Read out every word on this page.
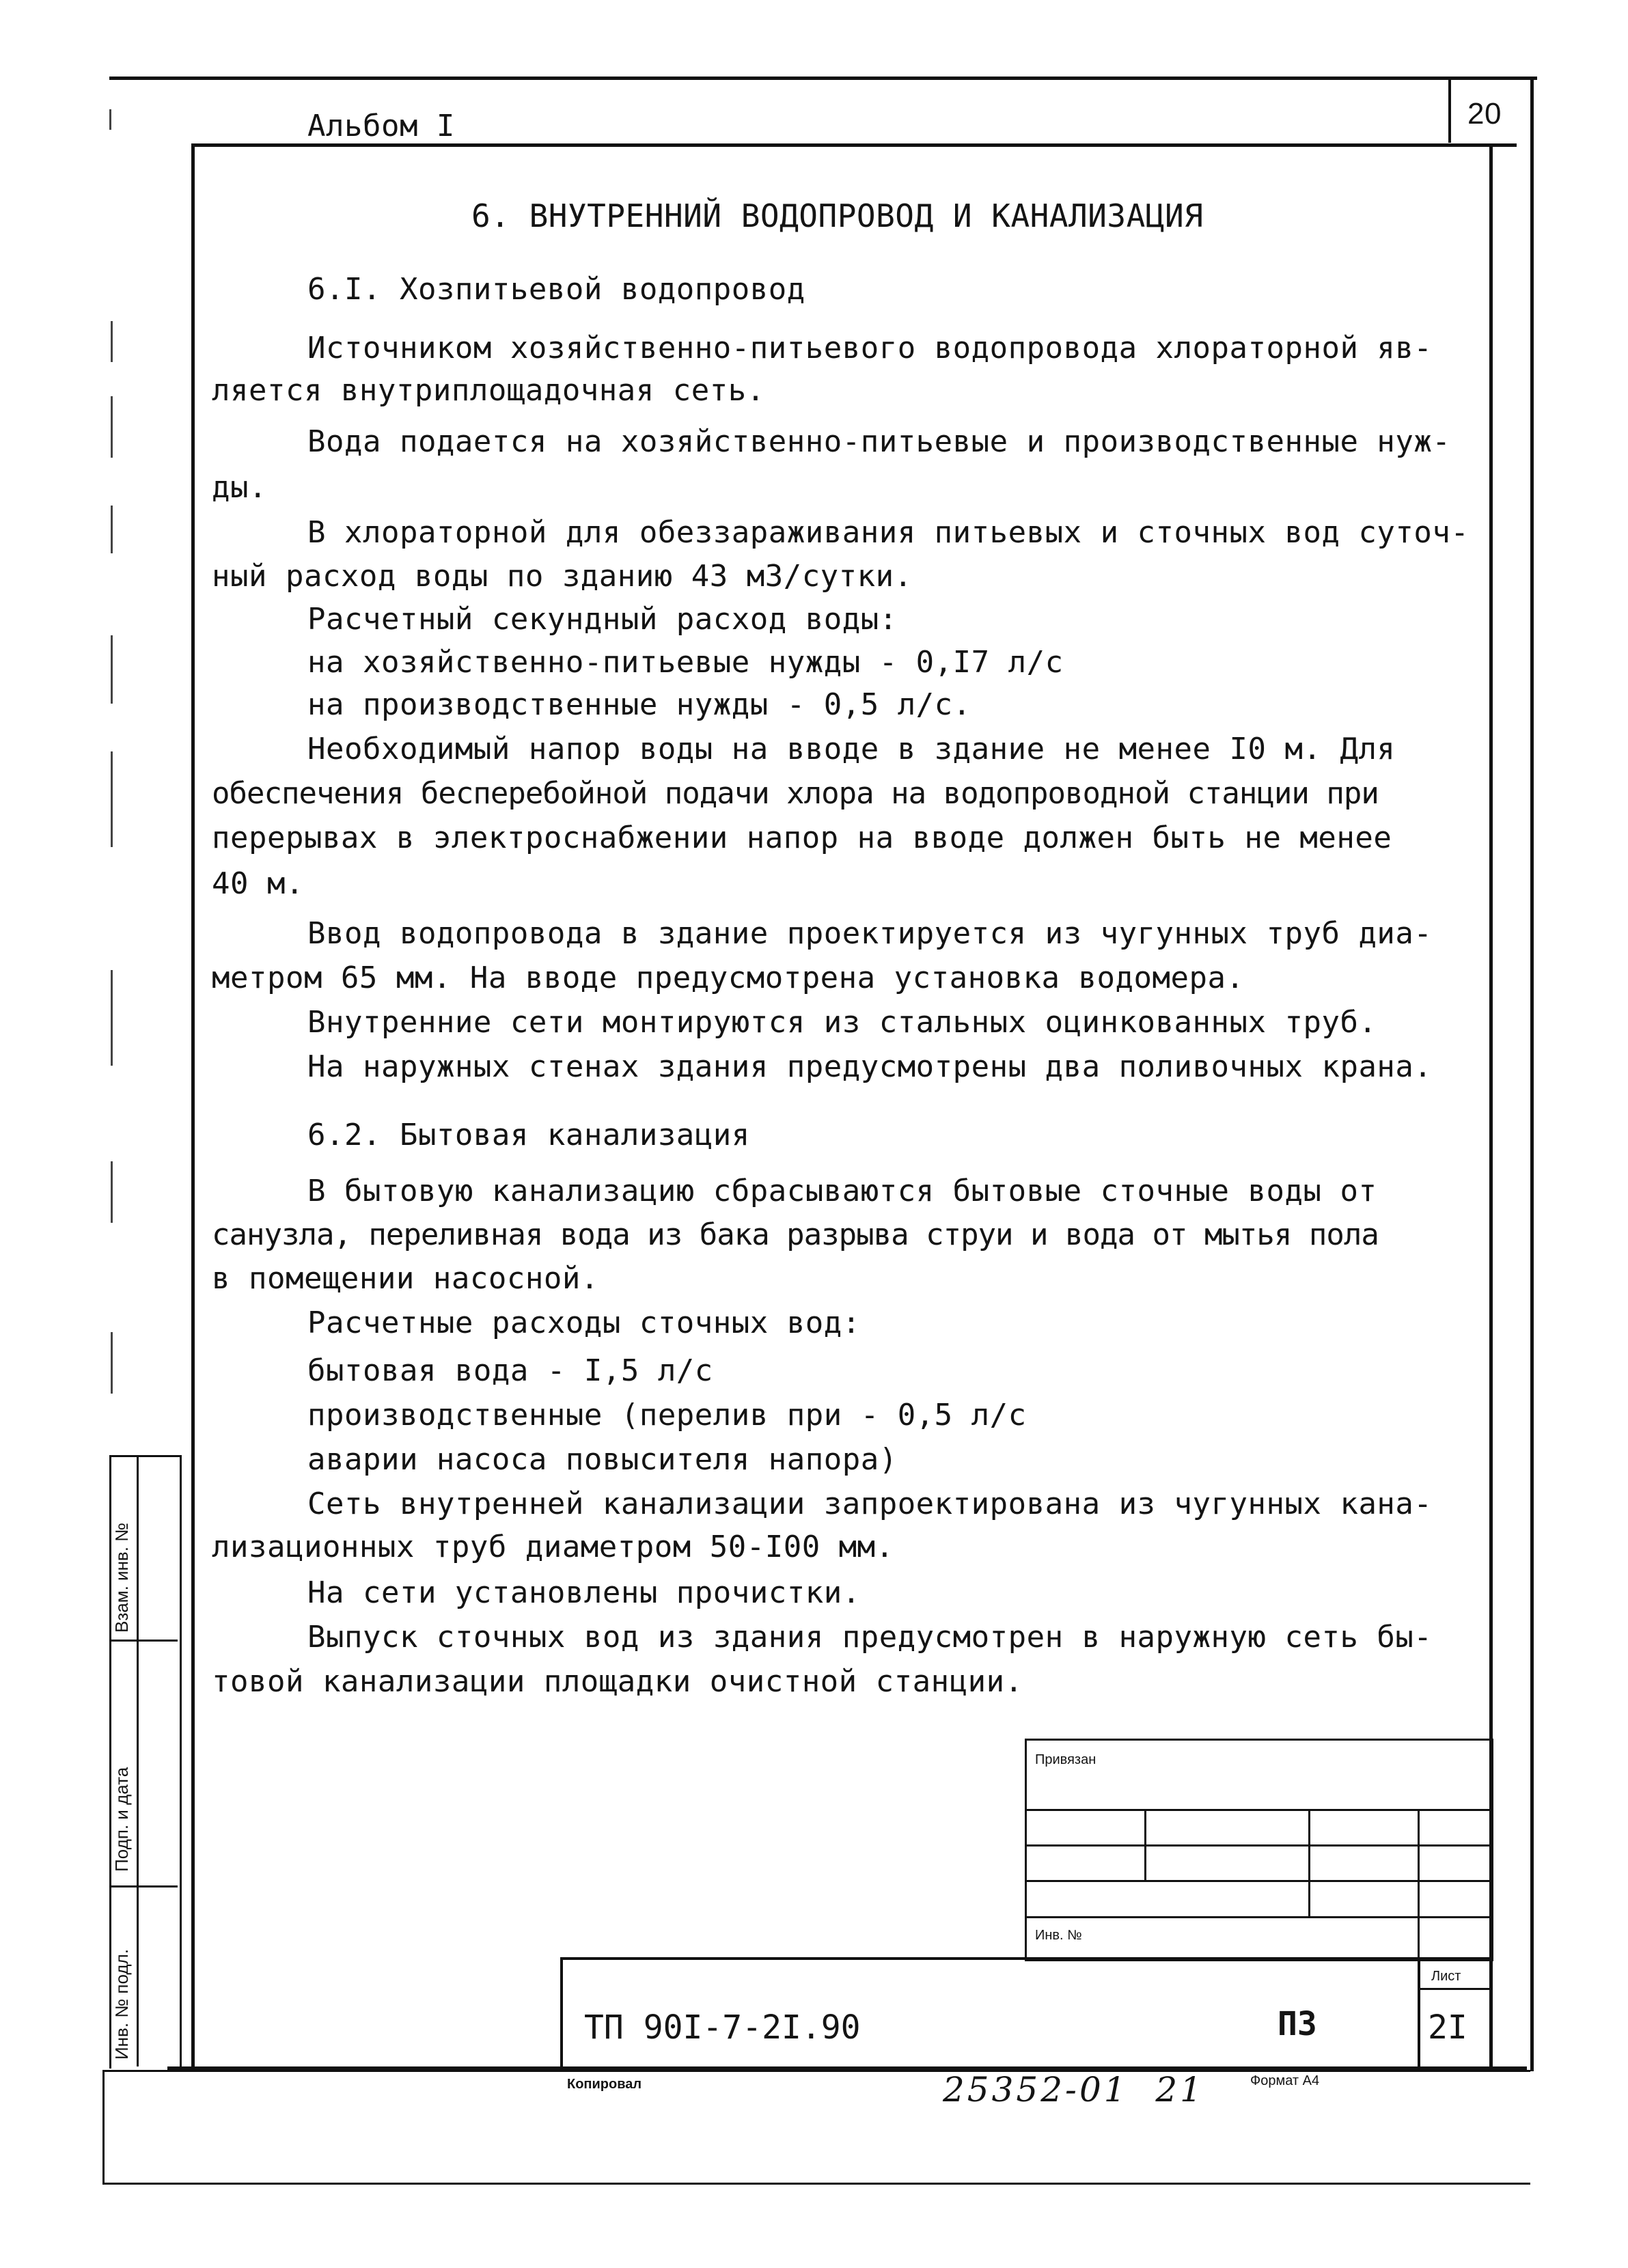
20
Альбом I
Взам. инв. №
Подп. и дата
Инв. № подл.
6. ВНУТРЕННИЙ ВОДОПРОВОД И КАНАЛИЗАЦИЯ
6.I. Хозпитьевой водопровод
Источником хозяйственно-питьевого водопровода хлораторной яв-
ляется внутриплощадочная сеть.
Вода подается на хозяйственно-питьевые и производственные нуж-
ды.
В хлораторной для обеззараживания питьевых и сточных вод суточ-
ный расход воды по зданию 43 м3/сутки.
Расчетный секундный расход воды:
на хозяйственно-питьевые нужды - 0,I7 л/с
на производственные нужды - 0,5 л/с.
Необходимый напор воды на вводе в здание не менее I0 м. Для
обеспечения бесперебойной подачи хлора на водопроводной станции при
перерывах в электроснабжении напор на вводе должен быть не менее
40 м.
Ввод водопровода в здание проектируется из чугунных труб диа-
метром 65 мм. На вводе предусмотрена установка водомера.
Внутренние сети монтируются из стальных оцинкованных труб.
На наружных стенах здания предусмотрены два поливочных крана.
6.2. Бытовая канализация
В бытовую канализацию сбрасываются бытовые сточные воды от
санузла, переливная вода из бака разрыва струи и вода от мытья пола
в помещении насосной.
Расчетные расходы сточных вод:
бытовая вода - I,5 л/с
производственные (перелив при - 0,5 л/с
аварии насоса повысителя напора)
Сеть внутренней канализации запроектирована из чугунных кана-
лизационных труб диаметром 50-I00 мм.
На сети установлены прочистки.
Выпуск сточных вод из здания предусмотрен в наружную сеть бы-
товой канализации площадки очистной станции.
Привязан
Инв. №
Лист
ТП 90I-7-2I.90	ПЗ	2I
Копировал	25352-01  21	Формат А4
